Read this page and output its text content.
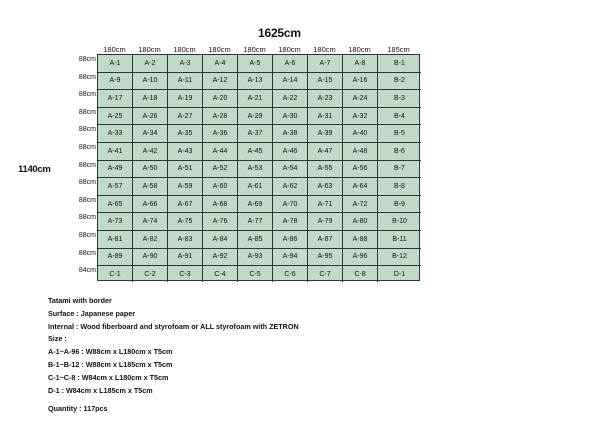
1625cm
1140cm
180cm	180cm	180cm	180cm	180cm	180cm	180cm	180cm	185cm
88cm
88cm
88cm
88cm
88cm
88cm
88cm
88cm
88cm
88cm
88cm
88cm
84cm
A-1	A-2	A-3	A-4	A-5	A-6	A-7	A-8	B-1
A-9	A-10	A-11	A-12	A-13	A-14	A-15	A-16	B-2
A-17	A-18	A-19	A-20	A-21	A-22	A-23	A-24	B-3
A-25	A-26	A-27	A-28	A-29	A-30	A-31	A-32	B-4
A-33	A-34	A-35	A-36	A-37	A-38	A-39	A-40	B-5
A-41	A-42	A-43	A-44	A-45	A-46	A-47	A-48	B-6
A-49	A-50	A-51	A-52	A-53	A-54	A-55	A-56	B-7
A-57	A-58	A-59	A-60	A-61	A-62	A-63	A-64	B-8
A-65	A-66	A-67	A-68	A-69	A-70	A-71	A-72	B-9
A-73	A-74	A-75	A-76	A-77	A-78	A-79	A-80	B-10
A-81	A-82	A-83	A-84	A-85	A-86	A-87	A-88	B-11
A-89	A-90	A-91	A-92	A-93	A-94	A-95	A-96	B-12
C-1	C-2	C-3	C-4	C-5	C-6	C-7	C-8	D-1
Tatami with border
Surface : Japanese paper
Internal : Wood fiberboard and styrofoam or ALL styrofoam with ZETRON
Size :
A-1~A-96 : W88cm x L180cm x T5cm
B-1~B-12 : W88cm x L185cm x T5cm
C-1~C-8 : W84cm x L180cm x T5cm
D-1 : W84cm x L185cm x T5cm
Quantity : 117pcs
